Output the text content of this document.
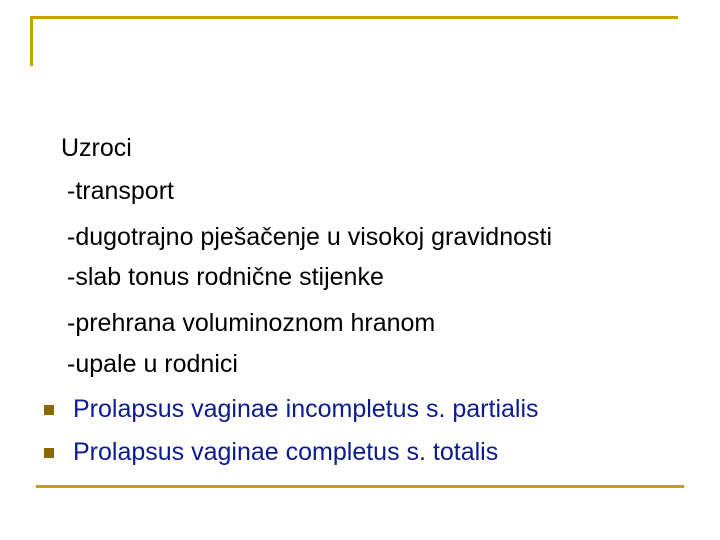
Uzroci
-transport
-dugotrajno pješačenje u visokoj gravidnosti
-slab tonus rodnične stijenke
-prehrana voluminoznom hranom
-upale u rodnici
Prolapsus vaginae incompletus s. partialis
Prolapsus vaginae completus s. totalis
